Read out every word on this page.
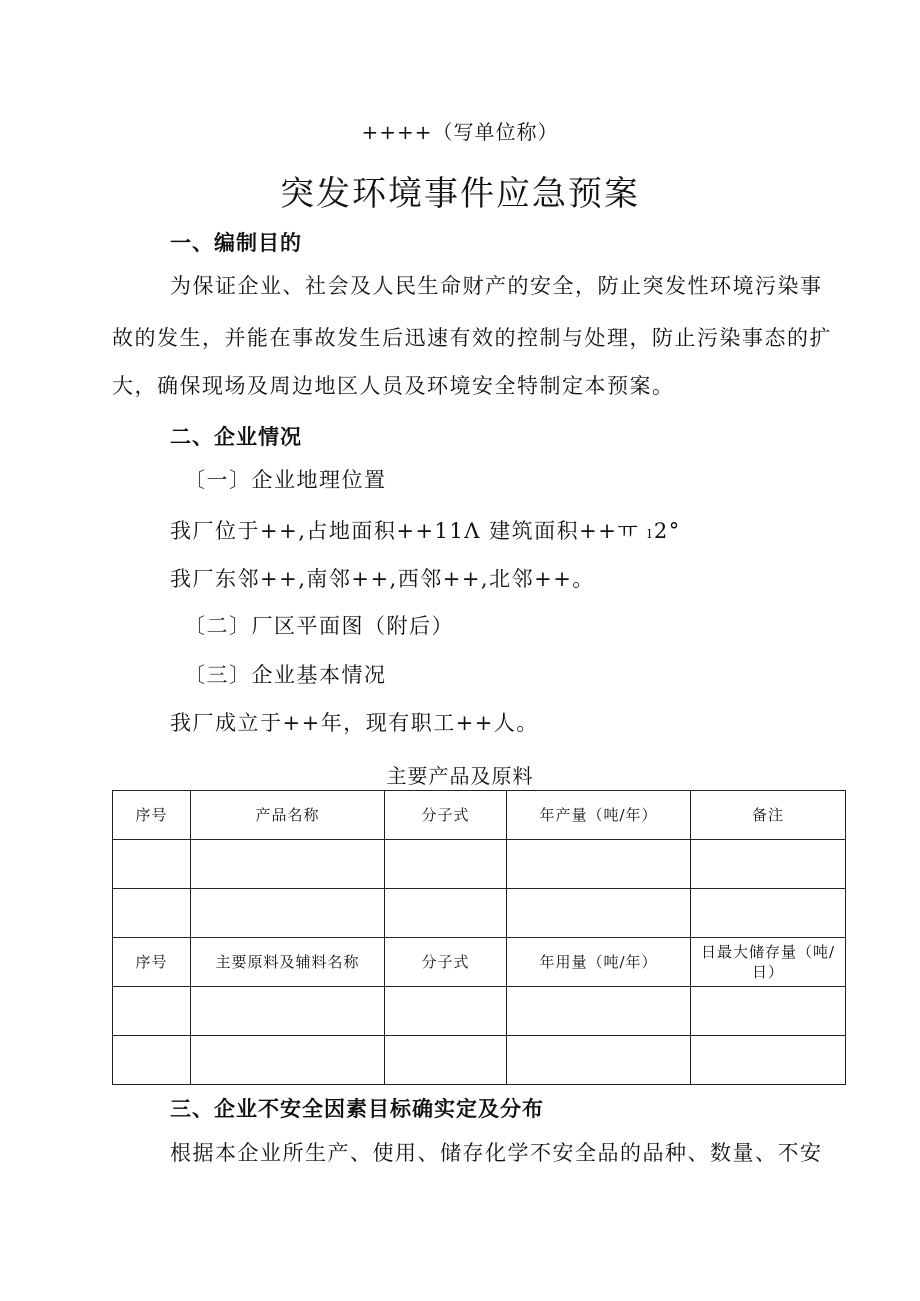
++++（写单位称）
突发环境事件应急预案
一、编制目的
为保证企业、社会及人民生命财产的安全，防止突发性环境污染事
故的发生，并能在事故发生后迅速有效的控制与处理，防止污染事态的扩
大，确保现场及周边地区人员及环境安全特制定本预案。
二、企业情况
〔一〕企业地理位置
我厂位于++,占地面积++11Λ 建筑面积++ㅠ ₗ2°
我厂东邻++,南邻++,西邻++,北邻++。
〔二〕厂区平面图（附后）
〔三〕企业基本情况
我厂成立于++年，现有职工++人。
主要产品及原料
序号	产品名称	分子式	年产量（吨/年）	备注

序号	主要原料及辅料名称	分子式	年用量（吨/年）	日最大储存量（吨/日）

三、企业不安全因素目标确实定及分布
根据本企业所生产、使用、储存化学不安全品的品种、数量、不安
